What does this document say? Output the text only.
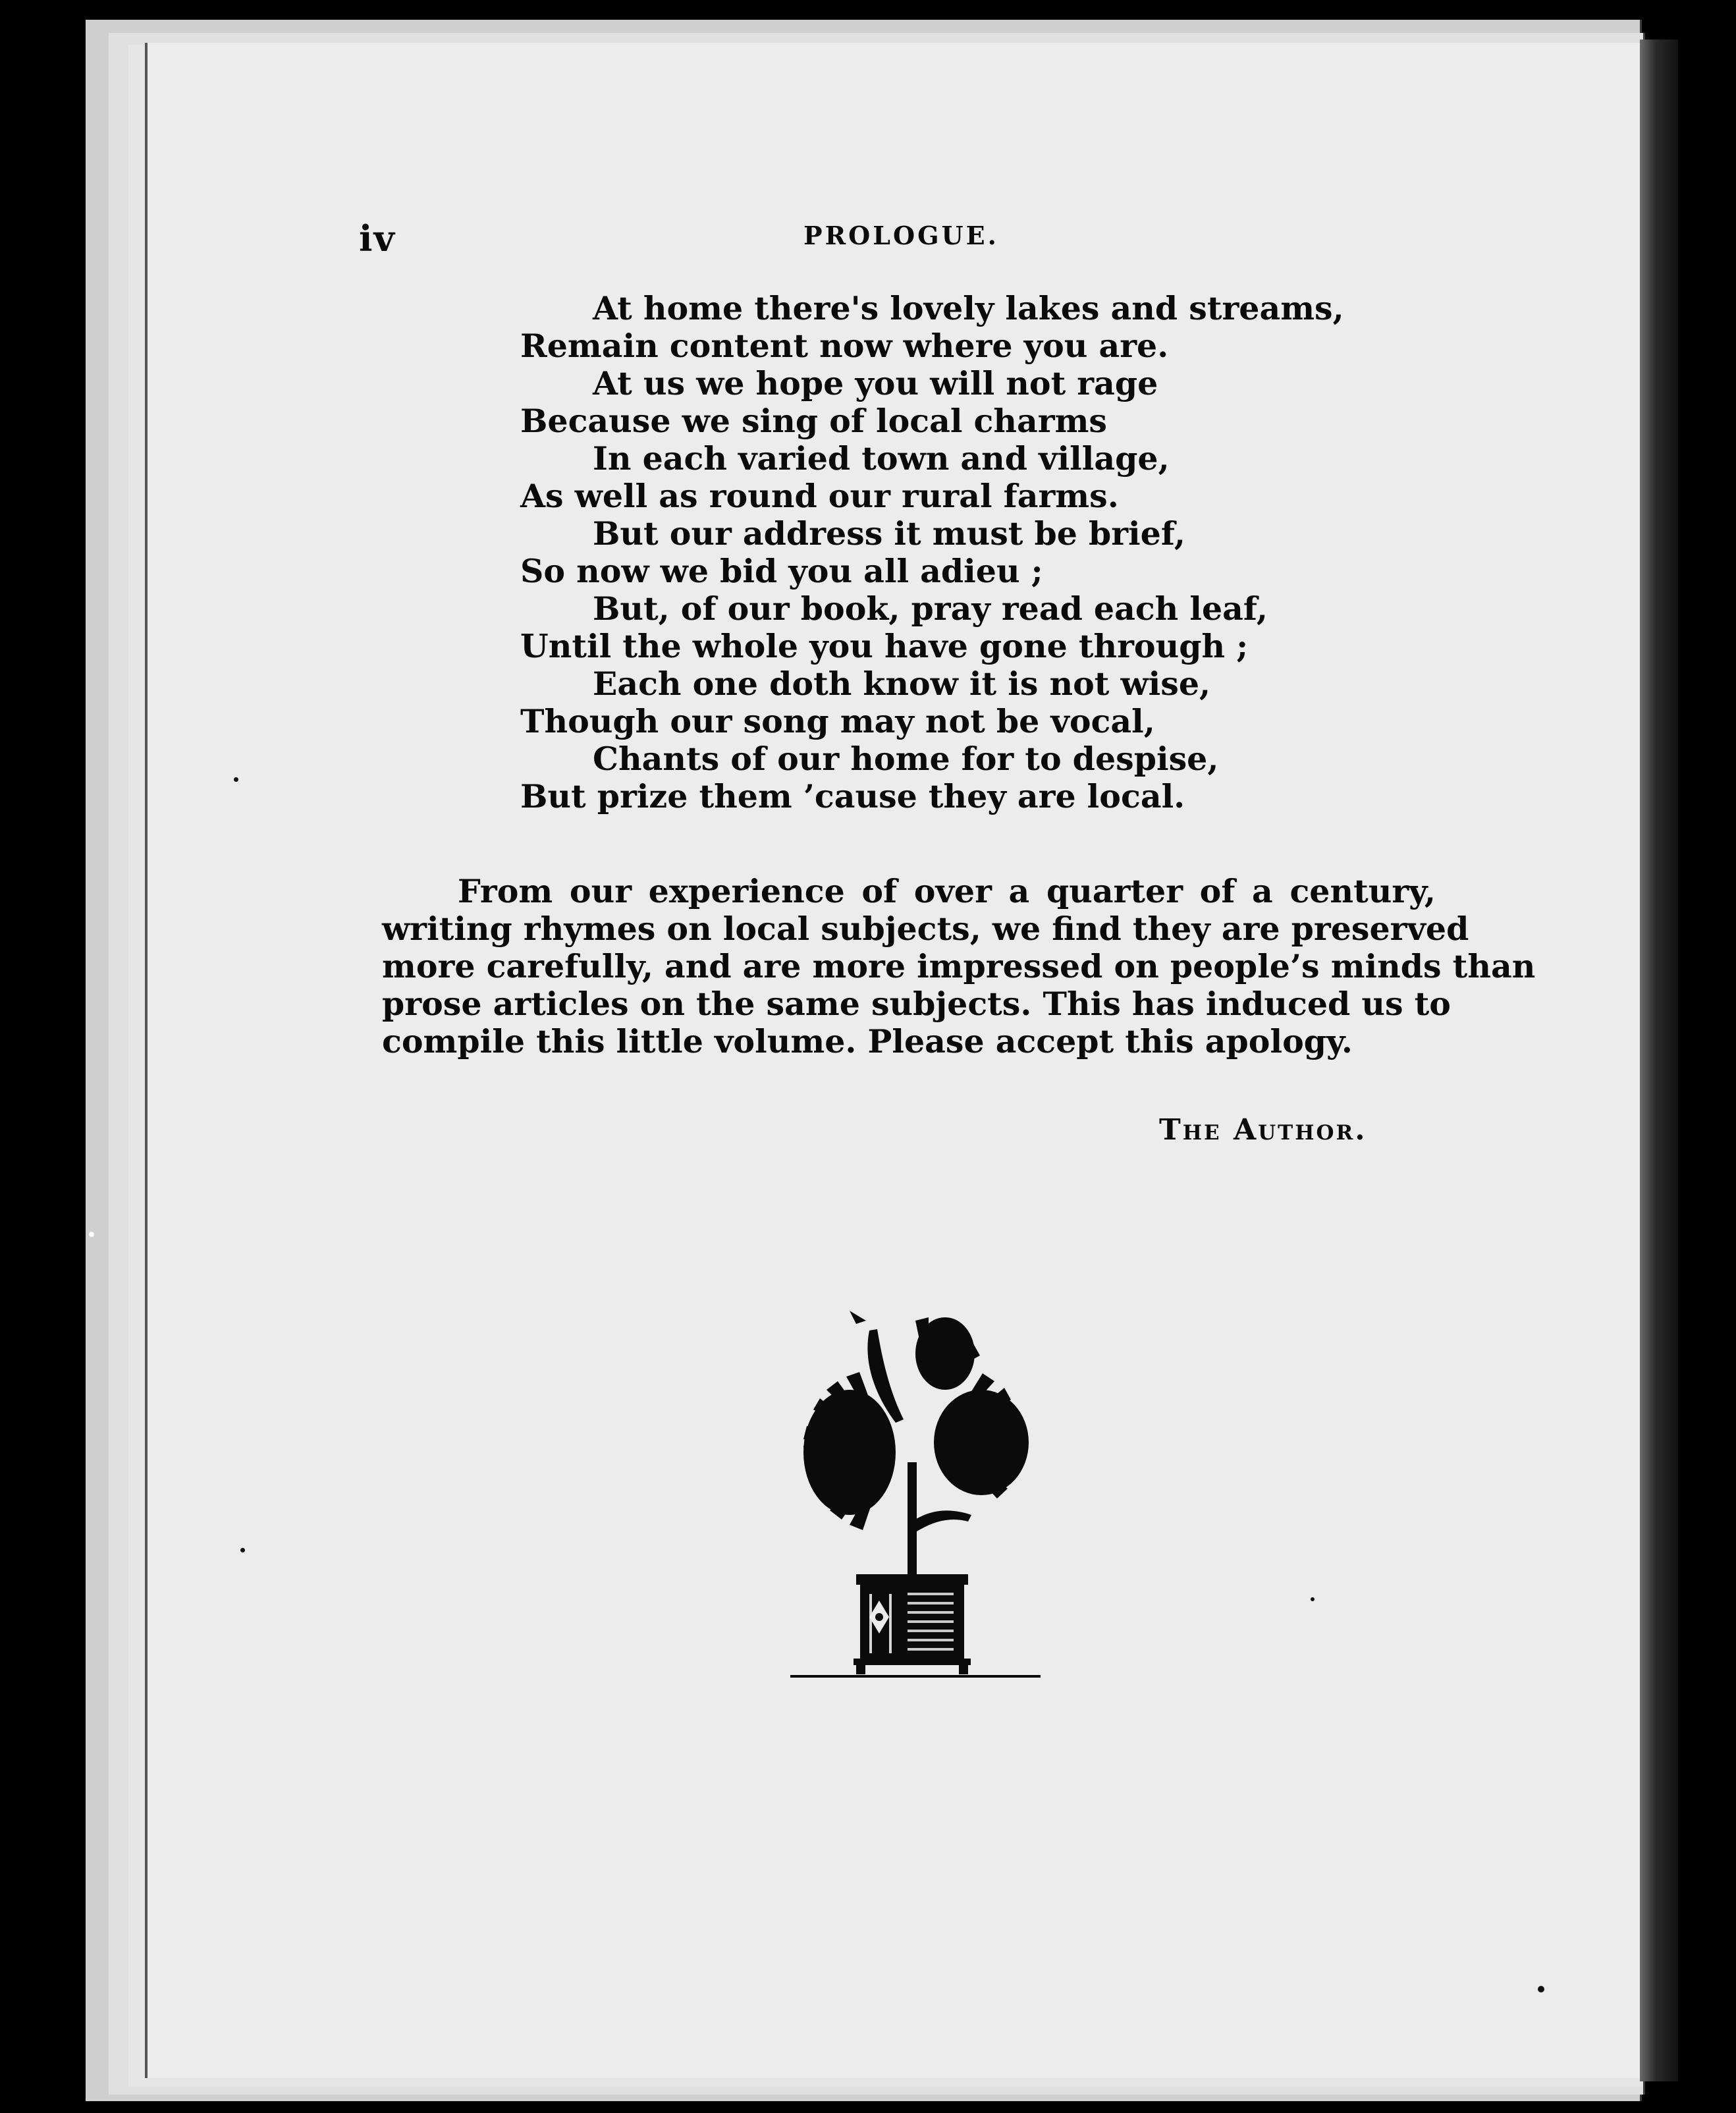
iv	PROLOGUE.
At home there's lovely lakes and streams,
Remain content now where you are.
At us we hope you will not rage
Because we sing of local charms
In each varied town and village,
As well as round our rural farms.
But our address it must be brief,
So now we bid you all adieu ;
But, of our book, pray read each leaf,
Until the whole you have gone through ;
Each one doth know it is not wise,
Though our song may not be vocal,
Chants of our home for to despise,
But prize them ’cause they are local.
From our experience of over a quarter of a century,
writing rhymes on local subjects, we find they are preserved
more carefully, and are more impressed on people’s minds than
prose articles on the same subjects. This has induced us to
compile this little volume. Please accept this apology.
The Author.
